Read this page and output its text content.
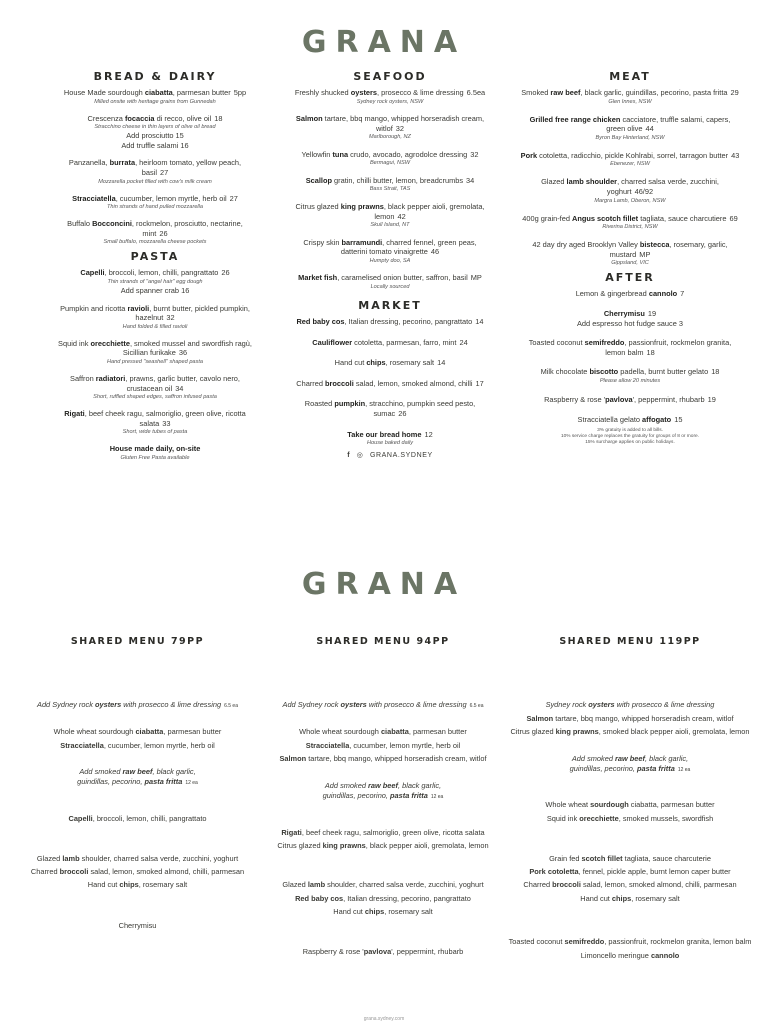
GRANA
BREAD & DAIRY
House Made sourdough ciabatta, parmesan butter 5pp
Milled onsite with heritage grains from Gunnedah
Crescenza focaccia di recco, olive oil 18
Stracchino cheese in thin layers of olive oil bread
Add prosciutto 15
Add truffle salami 16
Panzanella, burrata, heirloom tomato, yellow peach, basil 27
Mozzarella pocket filled with cow's milk cream
Stracciatella, cucumber, lemon myrtle, herb oil 27
Thin strands of hand pulled mozzarella
Buffalo Bocconcini, rockmelon, prosciutto, nectarine, mint 26
Small buffalo, mozzarella cheese pockets
PASTA
Capelli, broccoli, lemon, chilli, pangrattato 26
Thin strands of "angel hair" egg dough
Add spanner crab 16
Pumpkin and ricotta ravioli, burnt butter, pickled pumpkin, hazelnut 32
Hand folded & filled ravioli
Squid ink orecchiette, smoked mussel and swordfish ragù, Sicillian furikake 36
Hand pressed "seashell" shaped pasta
Saffron radiatori, prawns, garlic butter, cavolo nero, crustacean oil 34
Short, ruffled shaped edges, saffron infused pasta
Rigati, beef cheek ragu, salmoriglio, green olive, ricotta salata 33
Short, wide tubes of pasta
House made daily, on-site
Gluten Free Pasta available
SEAFOOD
Freshly shucked oysters, prosecco & lime dressing 6.5ea
Sydney rock oysters, NSW
Salmon tartare, bbq mango, whipped horseradish cream, witlof 32
Marlborough, NZ
Yellowfin tuna crudo, avocado, agrodolce dressing 32
Bermagui, NSW
Scallop gratin, chilli butter, lemon, breadcrumbs 34
Bass Strait, TAS
Citrus glazed king prawns, black pepper aioli, gremolata, lemon 42
Skull Island, NT
Crispy skin barramundi, charred fennel, green peas, datterini tomato vinaigrette 46
Humpty doo, SA
Market fish, caramelised onion butter, saffron, basil MP
Locally sourced
MARKET
Red baby cos, Italian dressing, pecorino, pangrattato 14
Cauliflower cotoletta, parmesan, farro, mint 24
Hand cut chips, rosemary salt 14
Charred broccoli salad, lemon, smoked almond, chilli 17
Roasted pumpkin, stracchino, pumpkin seed pesto, sumac 26
Take our bread home 12
House baked daily
f ◎ GRANA.SYDNEY
MEAT
Smoked raw beef, black garlic, guindillas, pecorino, pasta fritta 29
Glen Innes, NSW
Grilled free range chicken cacciatore, truffle salami, capers, green olive 44
Byron Bay Hinterland, NSW
Pork cotoletta, radicchio, pickle Kohlrabi, sorrel, tarragon butter 43
Ebenezer, NSW
Glazed lamb shoulder, charred salsa verde, zucchini, yoghurt 46/92
Margra Lamb, Oberon, NSW
400g grain-fed Angus scotch fillet tagliata, sauce charcutiere 69
Riverina District, NSW
42 day dry aged Brooklyn Valley bistecca, rosemary, garlic, mustard MP
Gippsland, VIC
AFTER
Lemon & gingerbread cannolo 7
Cherrymisu 19
Add espresso hot fudge sauce 3
Toasted coconut semifreddo, passionfruit, rockmelon granita, lemon balm 18
Milk chocolate biscotto padella, burnt butter gelato 18
Please allow 20 minutes
Raspberry & rose 'pavlova', peppermint, rhubarb 19
Stracciatella gelato affogato 15
3% gratuity is added to all bills.
10% service charge replaces the gratuity for groups of 8 or more.
15% surcharge applies on public holidays.
GRANA
SHARED MENU 79PP	SHARED MENU 94PP	SHARED MENU 119PP
Add Sydney rock oysters with prosecco & lime dressing 6.5 ea
Whole wheat sourdough ciabatta, parmesan butter
Stracciatella, cucumber, lemon myrtle, herb oil
Add smoked raw beef, black garlic,
guindillas, pecorino, pasta fritta 12 ea
Capelli, broccoli, lemon, chilli, pangrattato
Glazed lamb shoulder, charred salsa verde, zucchini, yoghurt
Charred broccoli salad, lemon, smoked almond, chilli, parmesan
Hand cut chips, rosemary salt
Cherrymisu
Add Sydney rock oysters with prosecco & lime dressing 6.5 ea
Whole wheat sourdough ciabatta, parmesan butter
Stracciatella, cucumber, lemon myrtle, herb oil
Salmon tartare, bbq mango, whipped horseradish cream, witlof
Add smoked raw beef, black garlic,
guindillas, pecorino, pasta fritta 12 ea
Rigati, beef cheek ragu, salmoriglio, green olive, ricotta salata
Citrus glazed king prawns, black pepper aioli, gremolata, lemon
Glazed lamb shoulder, charred salsa verde, zucchini, yoghurt
Red baby cos, Italian dressing, pecorino, pangrattato
Hand cut chips, rosemary salt
Raspberry & rose 'pavlova', peppermint, rhubarb
Sydney rock oysters with prosecco & lime dressing
Salmon tartare, bbq mango, whipped horseradish cream, witlof
Citrus glazed king prawns, smoked black pepper aioli, gremolata, lemon
Add smoked raw beef, black garlic,
guindillas, pecorino, pasta fritta 12 ea
Whole wheat sourdough ciabatta, parmesan butter
Squid ink orecchiette, smoked mussels, swordfish
Grain fed scotch fillet tagliata, sauce charcuterie
Pork cotoletta, fennel, pickle apple, burnt lemon caper butter
Charred broccoli salad, lemon, smoked almond, chilli, parmesan
Hand cut chips, rosemary salt
Toasted coconut semifreddo, passionfruit, rockmelon granita, lemon balm
Limoncello meringue cannolo
grana.sydney.com
